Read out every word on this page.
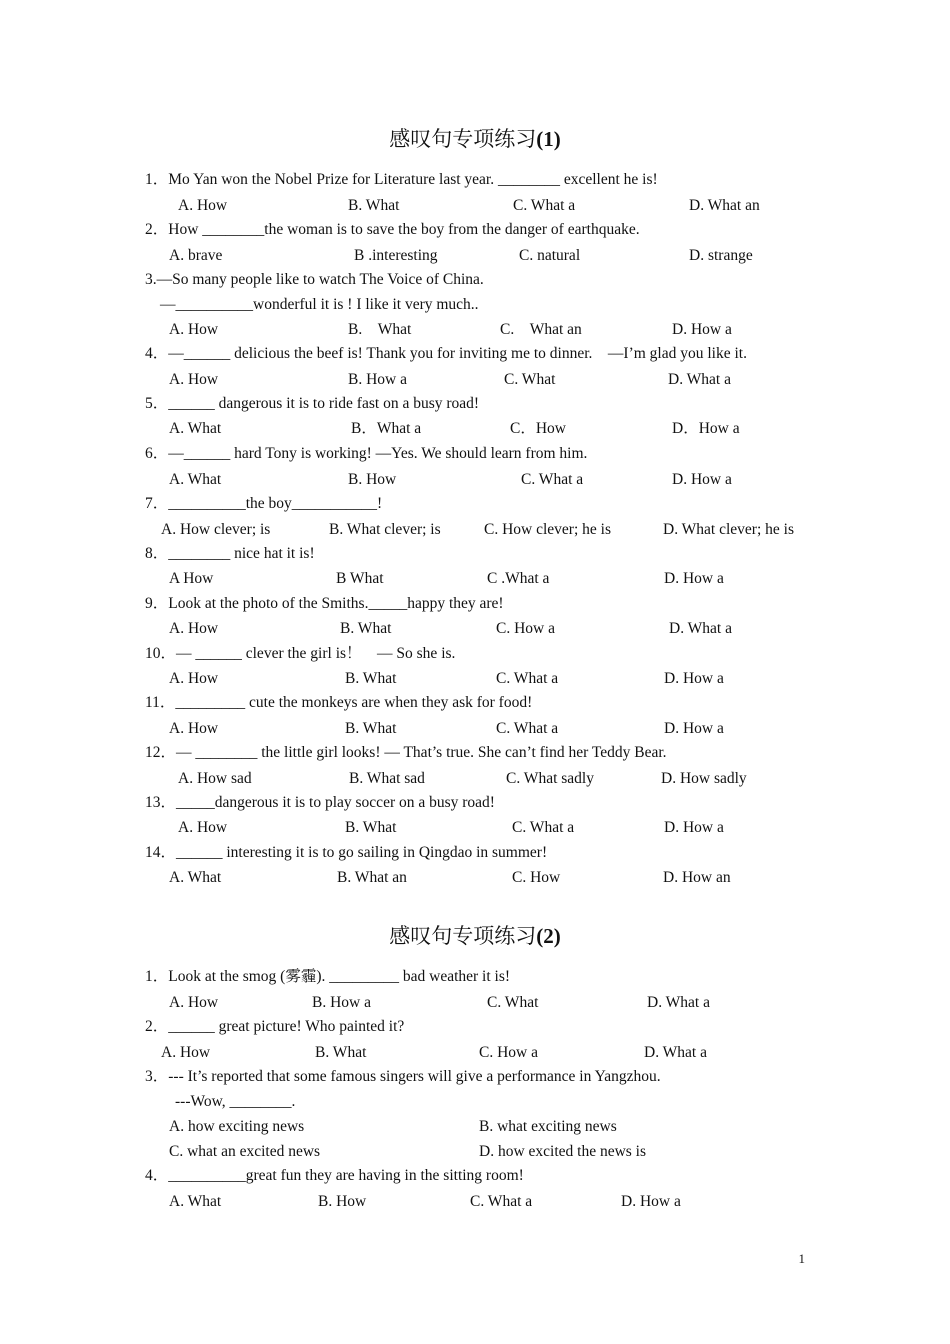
感叹句专项练习(1)
1．Mo Yan won the Nobel Prize for Literature last year. ________ excellent he is!
A. How	B. What	C. What a	D. What an
2．How ________the woman is to save the boy from the danger of earthquake.
A. brave	B .interesting	C. natural	D. strange
3.—So many people like to watch The Voice of China.
—__________wonderful it is ! I like it very much..
A. How	B.　What	C.　What an	D. How a
4．—______ delicious the beef is! Thank you for inviting me to dinner.　—I’m glad you like it.
A. How	B. How a	C. What	D. What a
5．______ dangerous it is to ride fast on a busy road!
A. What	B．What a	C．How	D．How a
6．—______ hard Tony is working! —Yes. We should learn from him.
A. What	B. How	C. What a	D. How a
7．__________the boy___________!
A. How clever; is	B. What clever; is	C. How clever; he is	D. What clever; he is
8．________ nice hat it is!
A How	B What	C .What a	D. How a
9．Look at the photo of the Smiths._____happy they are!
A. How	B. What	C. How a	D. What a
10．— ______ clever the girl is！　— So she is.
A. How	B. What	C. What a	D. How a
11．_________ cute the monkeys are when they ask for food!
A. How	B. What	C. What a	D. How a
12．— ________ the little girl looks! — That’s true. She can’t find her Teddy Bear.
A. How sad	B. What sad	C. What sadly	D. How sadly
13．_____dangerous it is to play soccer on a busy road!
A. How	B. What	C. What a	D. How a
14．______ interesting it is to go sailing in Qingdao in summer!
A. What	B. What an	C. How	D. How an
感叹句专项练习(2)
1．Look at the smog (雾霾). _________ bad weather it is!
A. How	B. How a	C. What	D. What a
2．______ great picture! Who painted it?
A. How	B. What	C. How a	D. What a
3．--- It’s reported that some famous singers will give a performance in Yangzhou.
---Wow, ________.
A. how exciting news	B. what exciting news
C. what an excited news	D. how excited the news is
4．__________great fun they are having in the sitting room!
A. What	B. How	C. What a	D. How a
1
